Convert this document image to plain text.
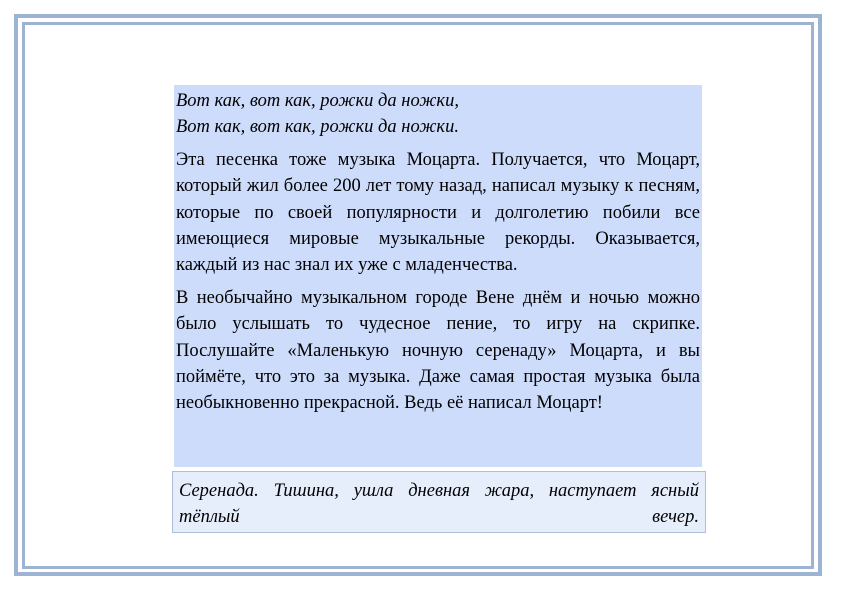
Вот как, вот как, рожки да ножки,

Вот как, вот как, рожки да ножки.

Эта песенка тоже музыка Моцарта. Получается, что Моцарт, который жил более 200 лет тому назад, написал музыку к песням, которые по своей популярности и долголетию побили все имеющиеся мировые музыкальные рекорды. Оказывается, каждый из нас знал их уже с младенчества.

В необычайно музыкальном городе Вене днём и ночью можно было услышать то чудесное пение, то игру на скрипке. Послушайте «Маленькую ночную серенаду» Моцарта, и вы поймёте, что это за музыка. Даже самая простая музыка была необыкновенно прекрасной. Ведь её написал Моцарт!

Серенада. Тишина, ушла дневная жара, наступает ясный тёплый вечер.
